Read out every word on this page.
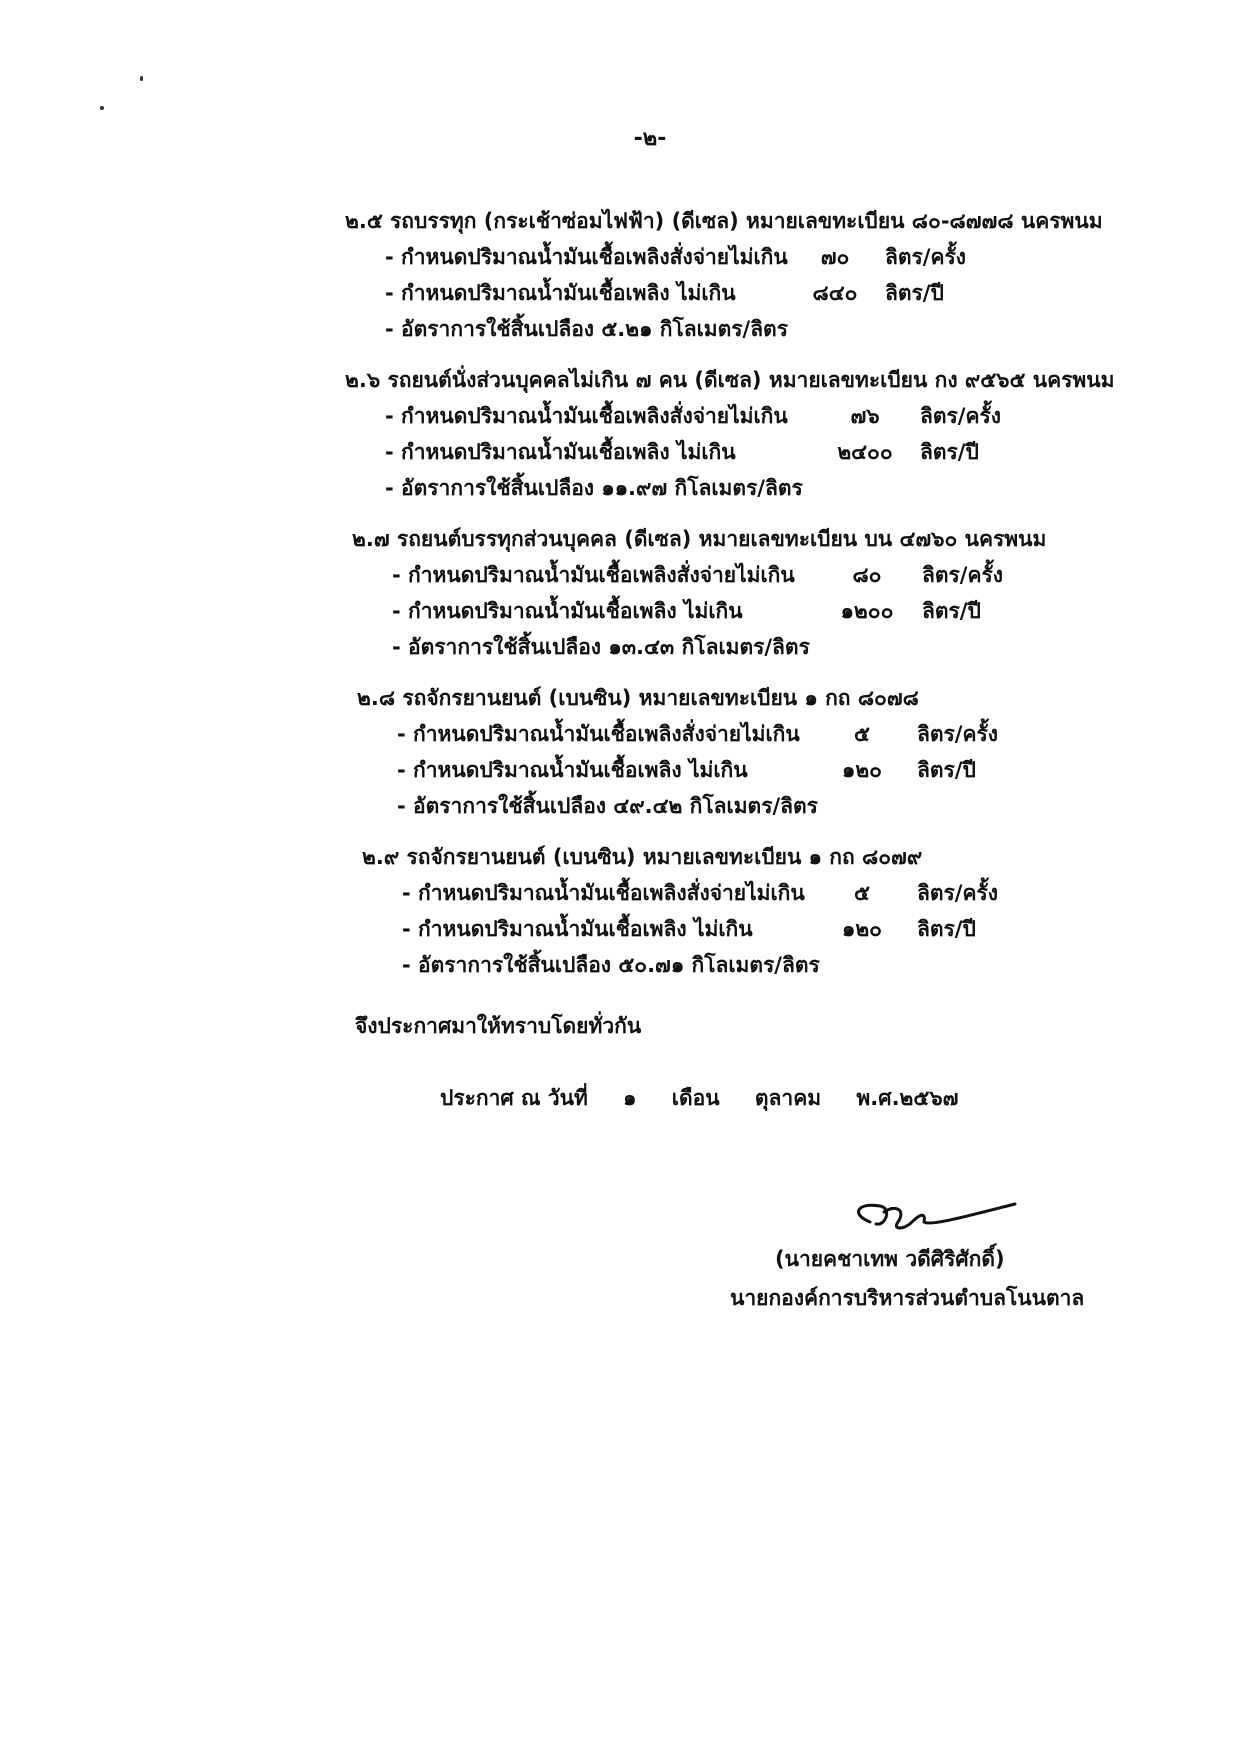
-๒-
๒.๕ รถบรรทุก (กระเช้าซ่อมไฟฟ้า) (ดีเซล) หมายเลขทะเบียน ๘๐-๘๗๗๘ นครพนม
- กำหนดปริมาณน้ำมันเชื้อเพลิงสั่งจ่ายไม่เกิน	๗๐	ลิตร/ครั้ง
- กำหนดปริมาณน้ำมันเชื้อเพลิง ไม่เกิน	๘๔๐	ลิตร/ปี
- อัตราการใช้สิ้นเปลือง ๕.๒๑ กิโลเมตร/ลิตร
๒.๖ รถยนต์นั่งส่วนบุคคลไม่เกิน ๗ คน (ดีเซล) หมายเลขทะเบียน กง ๙๕๖๕ นครพนม
- กำหนดปริมาณน้ำมันเชื้อเพลิงสั่งจ่ายไม่เกิน	๗๖	ลิตร/ครั้ง
- กำหนดปริมาณน้ำมันเชื้อเพลิง ไม่เกิน	๒๔๐๐	ลิตร/ปี
- อัตราการใช้สิ้นเปลือง ๑๑.๙๗ กิโลเมตร/ลิตร
๒.๗ รถยนต์บรรทุกส่วนบุคคล (ดีเซล) หมายเลขทะเบียน บน ๔๗๖๐ นครพนม
- กำหนดปริมาณน้ำมันเชื้อเพลิงสั่งจ่ายไม่เกิน	๘๐	ลิตร/ครั้ง
- กำหนดปริมาณน้ำมันเชื้อเพลิง ไม่เกิน	๑๒๐๐	ลิตร/ปี
- อัตราการใช้สิ้นเปลือง ๑๓.๔๓ กิโลเมตร/ลิตร
๒.๘ รถจักรยานยนต์ (เบนซิน) หมายเลขทะเบียน ๑ กถ ๘๐๗๘
- กำหนดปริมาณน้ำมันเชื้อเพลิงสั่งจ่ายไม่เกิน	๕	ลิตร/ครั้ง
- กำหนดปริมาณน้ำมันเชื้อเพลิง ไม่เกิน	๑๒๐	ลิตร/ปี
- อัตราการใช้สิ้นเปลือง ๔๙.๔๒ กิโลเมตร/ลิตร
๒.๙ รถจักรยานยนต์ (เบนซิน) หมายเลขทะเบียน ๑ กถ ๘๐๗๙
- กำหนดปริมาณน้ำมันเชื้อเพลิงสั่งจ่ายไม่เกิน	๕	ลิตร/ครั้ง
- กำหนดปริมาณน้ำมันเชื้อเพลิง ไม่เกิน	๑๒๐	ลิตร/ปี
- อัตราการใช้สิ้นเปลือง ๕๐.๗๑ กิโลเมตร/ลิตร
จึงประกาศมาให้ทราบโดยทั่วกัน
ประกาศ ณ วันที่ ๑ เดือน ตุลาคม พ.ศ.๒๕๖๗
(นายคชาเทพ วดีศิริศักดิ์)
นายกองค์การบริหารส่วนตำบลโนนตาล
